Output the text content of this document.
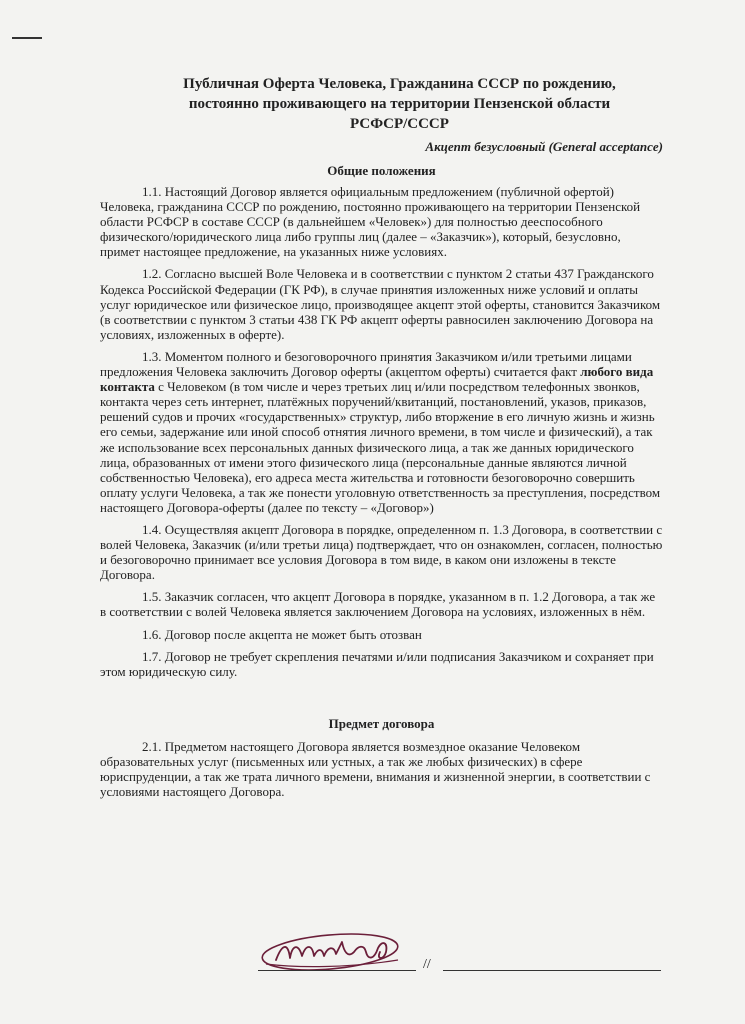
Публичная Оферта Человека, Гражданина СССР по рождению,
постоянно проживающего на территории Пензенской области
РСФСР/СССР
Акцепт безусловный (General acceptance)
Общие положения
1.1. Настоящий Договор является официальным предложением (публичной офертой) Человека, гражданина СССР по рождению, постоянно проживающего на территории Пензенской области РСФСР в составе СССР (в дальнейшем «Человек») для полностью дееспособного физического/юридического лица либо группы лиц (далее – «Заказчик»), который, безусловно, примет настоящее предложение, на указанных ниже условиях.
1.2. Согласно высшей Воле Человека и в соответствии с пунктом 2 статьи 437 Гражданского Кодекса Российской Федерации (ГК РФ), в случае принятия изложенных ниже условий и оплаты услуг юридическое или физическое лицо, производящее акцепт этой оферты, становится Заказчиком (в соответствии с пунктом 3 статьи 438 ГК РФ акцепт оферты равносилен заключению Договора на условиях, изложенных в оферте).
1.3. Моментом полного и безоговорочного принятия Заказчиком и/или третьими лицами предложения Человека заключить Договор оферты (акцептом оферты) считается факт любого вида контакта с Человеком (в том числе и через третьих лиц и/или посредством телефонных звонков, контакта через сеть интернет, платёжных поручений/квитанций, постановлений, указов, приказов, решений судов и прочих «государственных» структур, либо вторжение в его личную жизнь и жизнь его семьи, задержание или иной способ отнятия личного времени, в том числе и физический), а так же использование всех персональных данных физического лица, а так же данных юридического лица, образованных от имени этого физического лица (персональные данные являются личной собственностью Человека), его адреса места жительства и готовности безоговорочно совершить оплату услуги Человека, а так же понести уголовную ответственность за преступления, посредством настоящего Договора-оферты (далее по тексту – «Договор»)
1.4. Осуществляя акцепт Договора в порядке, определенном п. 1.3 Договора, в соответствии с волей Человека, Заказчик (и/или третьи лица) подтверждает, что он ознакомлен, согласен, полностью и безоговорочно принимает все условия Договора в том виде, в каком они изложены в тексте Договора.
1.5. Заказчик согласен, что акцепт Договора в порядке, указанном в п. 1.2 Договора, а так же в соответствии с волей Человека является заключением Договора на условиях, изложенных в нём.
1.6. Договор после акцепта не может быть отозван
1.7. Договор не требует скрепления печатями и/или подписания Заказчиком и сохраняет при этом юридическую силу.
Предмет договора
2.1. Предметом настоящего Договора является возмездное оказание Человеком образовательных услуг (письменных или устных, а так же любых физических) в сфере юриспруденции, а так же трата личного времени, внимания и жизненной энергии, в соответствии с условиями настоящего Договора.
//
